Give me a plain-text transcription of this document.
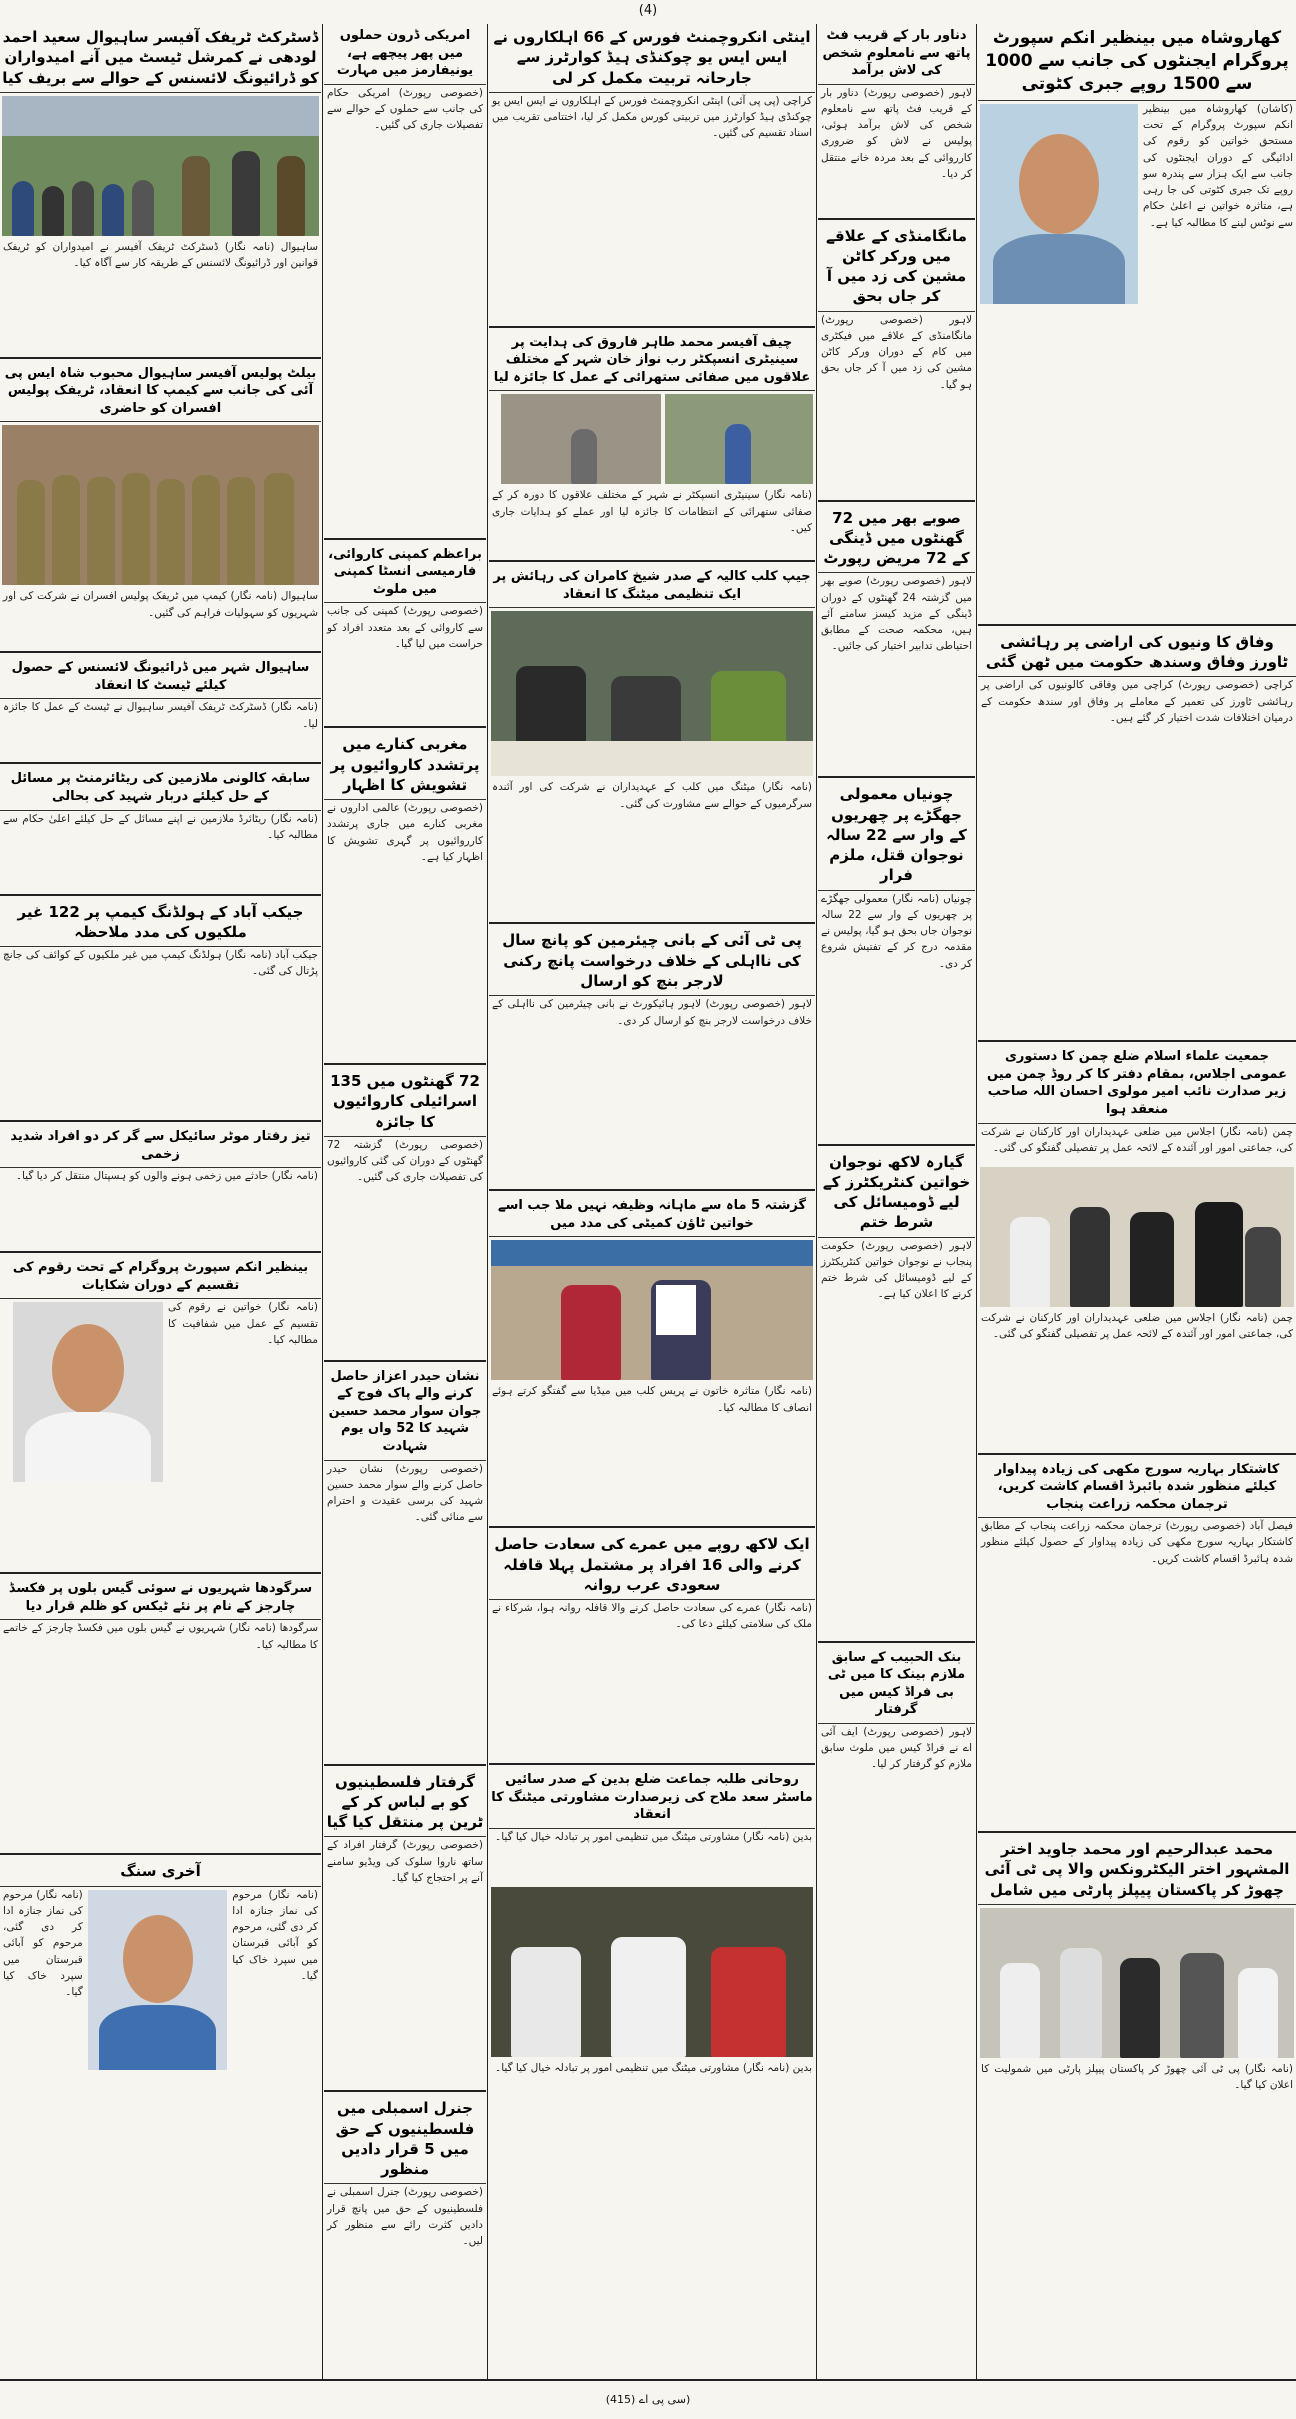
(4)
کھاروشاہ میں بینظیر انکم سپورٹ پروگرام ایجنٹوں کی جانب سے 1000 سے 1500 روپے جبری کٹوتی
(کاشان) کھاروشاہ میں بینظیر انکم سپورٹ پروگرام کے تحت مستحق خواتین کو رقوم کی ادائیگی کے دوران ایجنٹوں کی جانب سے ایک ہزار سے پندرہ سو روپے تک جبری کٹوتی کی جا رہی ہے، متاثرہ خواتین نے اعلیٰ حکام سے نوٹس لینے کا مطالبہ کیا ہے۔
وفاق کا ونیوں کی اراضی پر رہائشی ٹاورز وفاق وسندھ حکومت میں ٹھن گئی
کراچی (خصوصی رپورٹ) کراچی میں وفاقی کالونیوں کی اراضی پر رہائشی ٹاورز کی تعمیر کے معاملے پر وفاق اور سندھ حکومت کے درمیان اختلافات شدت اختیار کر گئے ہیں۔
جمعیت علماء اسلام ضلع چمن کا دستوری عمومی اجلاس، بمقام دفتر کا کر روڈ چمن میں زیر صدارت نائب امیر مولوی احسان اللہ صاحب منعقد ہوا
چمن (نامہ نگار) اجلاس میں ضلعی عہدیداران اور کارکنان نے شرکت کی، جماعتی امور اور آئندہ کے لائحہ عمل پر تفصیلی گفتگو کی گئی۔
چمن (نامہ نگار) اجلاس میں ضلعی عہدیداران اور کارکنان نے شرکت کی، جماعتی امور اور آئندہ کے لائحہ عمل پر تفصیلی گفتگو کی گئی۔
کاشتکار بہاریہ سورج مکھی کی زیادہ پیداوار کیلئے منظور شدہ بائبرڈ اقسام کاشت کریں، ترجمان محکمہ زراعت پنجاب
فیصل آباد (خصوصی رپورٹ) ترجمان محکمہ زراعت پنجاب کے مطابق کاشتکار بہاریہ سورج مکھی کی زیادہ پیداوار کے حصول کیلئے منظور شدہ ہائبرڈ اقسام کاشت کریں۔
محمد عبدالرحیم اور محمد جاوید اختر المشہور اختر الیکٹرونکس والا پی ٹی آئی چھوڑ کر پاکستان پیپلز پارٹی میں شامل
(نامہ نگار) پی ٹی آئی چھوڑ کر پاکستان پیپلز پارٹی میں شمولیت کا اعلان کیا گیا۔
دناور بار کے قریب فٹ پاتھ سے نامعلوم شخص کی لاش برآمد
لاہور (خصوصی رپورٹ) دناور بار کے قریب فٹ پاتھ سے نامعلوم شخص کی لاش برآمد ہوئی، پولیس نے لاش کو ضروری کارروائی کے بعد مردہ خانے منتقل کر دیا۔
مانگامنڈی کے علاقے میں ورکر کاٹن مشین کی زد میں آ کر جاں بحق
لاہور (خصوصی رپورٹ) مانگامنڈی کے علاقے میں فیکٹری میں کام کے دوران ورکر کاٹن مشین کی زد میں آ کر جاں بحق ہو گیا۔
صوبے بھر میں 72 گھنٹوں میں ڈینگی کے 72 مریض رپورٹ
لاہور (خصوصی رپورٹ) صوبے بھر میں گزشتہ 24 گھنٹوں کے دوران ڈینگی کے مزید کیسز سامنے آئے ہیں، محکمہ صحت کے مطابق احتیاطی تدابیر اختیار کی جائیں۔
چونیاں معمولی جھگڑے پر چھریوں کے وار سے 22 سالہ نوجوان قتل، ملزم فرار
چونیاں (نامہ نگار) معمولی جھگڑے پر چھریوں کے وار سے 22 سالہ نوجوان جاں بحق ہو گیا، پولیس نے مقدمہ درج کر کے تفتیش شروع کر دی۔
گیارہ لاکھ نوجوان خواتین کنٹریکٹرز کے لیے ڈومیسائل کی شرط ختم
لاہور (خصوصی رپورٹ) حکومت پنجاب نے نوجوان خواتین کنٹریکٹرز کے لیے ڈومیسائل کی شرط ختم کرنے کا اعلان کیا ہے۔
بنک الحبیب کے سابق ملازم بینک کا میں ٹی بی فراڈ کیس میں گرفتار
لاہور (خصوصی رپورٹ) ایف آئی اے نے فراڈ کیس میں ملوث سابق ملازم کو گرفتار کر لیا۔
اینٹی انکروچمنٹ فورس کے 66 اہلکاروں نے ایس ایس یو چوکنڈی ہیڈ کوارٹرز سے جارحانہ تربیت مکمل کر لی
کراچی (پی پی آئی) اینٹی انکروچمنٹ فورس کے اہلکاروں نے ایس ایس یو چوکنڈی ہیڈ کوارٹرز میں تربیتی کورس مکمل کر لیا، اختتامی تقریب میں اسناد تقسیم کی گئیں۔
چیف آفیسر محمد طاہر فاروق کی ہدایت پر سینیٹری انسپکٹر رب نواز خان شہر کے مختلف علاقوں میں صفائی ستھرائی کے عمل کا جائزہ لیا
(نامہ نگار) سینیٹری انسپکٹر نے شہر کے مختلف علاقوں کا دورہ کر کے صفائی ستھرائی کے انتظامات کا جائزہ لیا اور عملے کو ہدایات جاری کیں۔
جیپ کلب کالیہ کے صدر شیخ کامران کی رہائش پر ایک تنظیمی میٹنگ کا انعقاد
(نامہ نگار) میٹنگ میں کلب کے عہدیداران نے شرکت کی اور آئندہ سرگرمیوں کے حوالے سے مشاورت کی گئی۔
پی ٹی آئی کے بانی چیئرمین کو پانچ سال کی نااہلی کے خلاف درخواست پانچ رکنی لارجر بنچ کو ارسال
لاہور (خصوصی رپورٹ) لاہور ہائیکورٹ نے بانی چیئرمین کی نااہلی کے خلاف درخواست لارجر بنچ کو ارسال کر دی۔
گزشتہ 5 ماہ سے ماہانہ وظیفہ نہیں ملا جب اسے خواتین ٹاؤن کمیٹی کی مدد میں
(نامہ نگار) متاثرہ خاتون نے پریس کلب میں میڈیا سے گفتگو کرتے ہوئے انصاف کا مطالبہ کیا۔
ایک لاکھ روپے میں عمرے کی سعادت حاصل کرنے والی 16 افراد پر مشتمل پہلا قافلہ سعودی عرب روانہ
(نامہ نگار) عمرے کی سعادت حاصل کرنے والا قافلہ روانہ ہوا، شرکاء نے ملک کی سلامتی کیلئے دعا کی۔
روحانی طلبہ جماعت ضلع بدین کے صدر سائیں ماسٹر سعد ملاح کی زیرصدارت مشاورتی میٹنگ کا انعقاد
بدین (نامہ نگار) مشاورتی میٹنگ میں تنظیمی امور پر تبادلہ خیال کیا گیا۔
بدین (نامہ نگار) مشاورتی میٹنگ میں تنظیمی امور پر تبادلہ خیال کیا گیا۔
امریکی ڈرون حملوں میں پھر پیچھے ہے، یونیفارمز میں مہارت
(خصوصی رپورٹ) امریکی حکام کی جانب سے حملوں کے حوالے سے تفصیلات جاری کی گئیں۔
براعظم کمپنی کاروائی، فارمیسی انسٹا کمپنی میں ملوث
(خصوصی رپورٹ) کمپنی کی جانب سے کاروائی کے بعد متعدد افراد کو حراست میں لیا گیا۔
مغربی کنارے میں پرتشدد کاروائیوں پر تشویش کا اظہار
(خصوصی رپورٹ) عالمی اداروں نے مغربی کنارے میں جاری پرتشدد کارروائیوں پر گہری تشویش کا اظہار کیا ہے۔
72 گھنٹوں میں 135 اسرائیلی کاروائیوں کا جائزہ
(خصوصی رپورٹ) گزشتہ 72 گھنٹوں کے دوران کی گئی کاروائیوں کی تفصیلات جاری کی گئیں۔
نشان حیدر اعزاز حاصل کرنے والے پاک فوج کے جوان سوار محمد حسین شہید کا 52 واں یوم شہادت
(خصوصی رپورٹ) نشان حیدر حاصل کرنے والے سوار محمد حسین شہید کی برسی عقیدت و احترام سے منائی گئی۔
گرفتار فلسطینیوں کو بے لباس کر کے ٹرین پر منتقل کیا گیا
(خصوصی رپورٹ) گرفتار افراد کے ساتھ ناروا سلوک کی ویڈیو سامنے آنے پر احتجاج کیا گیا۔
جنرل اسمبلی میں فلسطینیوں کے حق میں 5 قرار دادیں منظور
(خصوصی رپورٹ) جنرل اسمبلی نے فلسطینیوں کے حق میں پانچ قرار دادیں کثرت رائے سے منظور کر لیں۔
ڈسٹرکٹ ٹریفک آفیسر ساہیوال سعید احمد لودھی نے کمرشل ٹیسٹ میں آنے امیدواران کو ڈرائیونگ لائسنس کے حوالے سے بریف کیا
ساہیوال (نامہ نگار) ڈسٹرکٹ ٹریفک آفیسر نے امیدواران کو ٹریفک قوانین اور ڈرائیونگ لائسنس کے طریقہ کار سے آگاہ کیا۔
بیلٹ پولیس آفیسر ساہیوال محبوب شاہ ایس پی آئی کی جانب سے کیمپ کا انعقاد، ٹریفک پولیس افسران کو حاضری
ساہیوال (نامہ نگار) کیمپ میں ٹریفک پولیس افسران نے شرکت کی اور شہریوں کو سہولیات فراہم کی گئیں۔
ساہیوال شہر میں ڈرائیونگ لائسنس کے حصول کیلئے ٹیسٹ کا انعقاد
(نامہ نگار) ڈسٹرکٹ ٹریفک آفیسر ساہیوال نے ٹیسٹ کے عمل کا جائزہ لیا۔
سابقہ کالونی ملازمین کی ریٹائرمنٹ پر مسائل کے حل کیلئے دربار شہید کی بحالی
(نامہ نگار) ریٹائرڈ ملازمین نے اپنے مسائل کے حل کیلئے اعلیٰ حکام سے مطالبہ کیا۔
جیکب آباد کے ہولڈنگ کیمپ پر 122 غیر ملکیوں کی مدد ملاحظہ
جیکب آباد (نامہ نگار) ہولڈنگ کیمپ میں غیر ملکیوں کے کوائف کی جانچ پڑتال کی گئی۔
تیز رفتار موٹر سائیکل سے گر کر دو افراد شدید زخمی
(نامہ نگار) حادثے میں زخمی ہونے والوں کو ہسپتال منتقل کر دیا گیا۔
بینظیر انکم سپورٹ پروگرام کے تحت رقوم کی تقسیم کے دوران شکایات
(نامہ نگار) خواتین نے رقوم کی تقسیم کے عمل میں شفافیت کا مطالبہ کیا۔
سرگودھا شہریوں نے سوئی گیس بلوں پر فکسڈ چارجز کے نام پر نئے ٹیکس کو ظلم قرار دیا
سرگودھا (نامہ نگار) شہریوں نے گیس بلوں میں فکسڈ چارجز کے خاتمے کا مطالبہ کیا۔
آخری سنگ
(نامہ نگار) مرحوم کی نماز جنازہ ادا کر دی گئی، مرحوم کو آبائی قبرستان میں سپرد خاک کیا گیا۔
(نامہ نگار) مرحوم کی نماز جنازہ ادا کر دی گئی، مرحوم کو آبائی قبرستان میں سپرد خاک کیا گیا۔
(سی پی اے (415)
